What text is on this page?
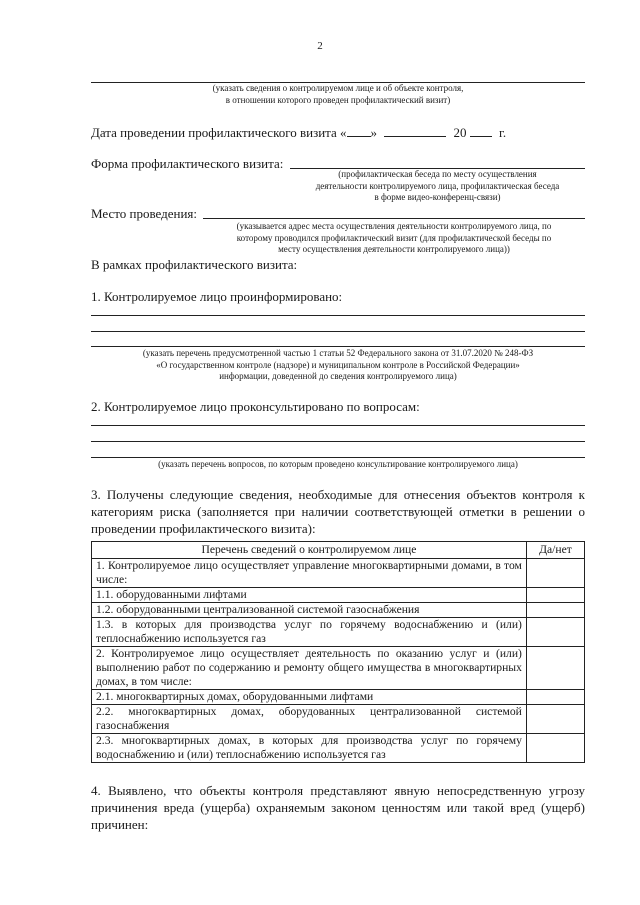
2
(указать сведения о контролируемом лице и об объекте контроля,
в отношении которого проведен профилактический визит)
Дата проведении профилактического визита « »	20	г.
Форма профилактического визита:
(профилактическая беседа по месту осуществления
деятельности контролируемого лица, профилактическая беседа
в форме видео-конференц-связи)
Место проведения:
(указывается адрес места осуществления деятельности контролируемого лица, по
которому проводился профилактический визит (для профилактической беседы по
месту осуществления деятельности контролируемого лица))
В рамках профилактического визита:
1. Контролируемое лицо проинформировано:
(указать перечень предусмотренной частью 1 статьи 52 Федерального закона от 31.07.2020 № 248-ФЗ
«О государственном контроле (надзоре) и муниципальном контроле в Российской Федерации»
информации, доведенной до сведения контролируемого лица)
2. Контролируемое лицо проконсультировано по вопросам:
(указать перечень вопросов, по которым проведено консультирование контролируемого лица)
3. Получены следующие сведения, необходимые для отнесения объектов контроля к категориям риска (заполняется при наличии соответствующей отметки в решении о проведении профилактического визита):
Перечень сведений о контролируемом лице	Да/нет
1. Контролируемое лицо осуществляет управление многоквартирными домами, в том числе:	
1.1. оборудованными лифтами	
1.2. оборудованными централизованной системой газоснабжения	
1.3. в которых для производства услуг по горячему водоснабжению и (или) теплоснабжению используется газ	
2. Контролируемое лицо осуществляет деятельность по оказанию услуг и (или) выполнению работ по содержанию и ремонту общего имущества в многоквартирных домах, в том числе:	
2.1. многоквартирных домах, оборудованными лифтами	
2.2. многоквартирных домах, оборудованных централизованной системой газоснабжения	
2.3. многоквартирных домах, в которых для производства услуг по горячему водоснабжению и (или) теплоснабжению используется газ	
4. Выявлено, что объекты контроля представляют явную непосредственную угрозу причинения вреда (ущерба) охраняемым законом ценностям или такой вред (ущерб) причинен:
